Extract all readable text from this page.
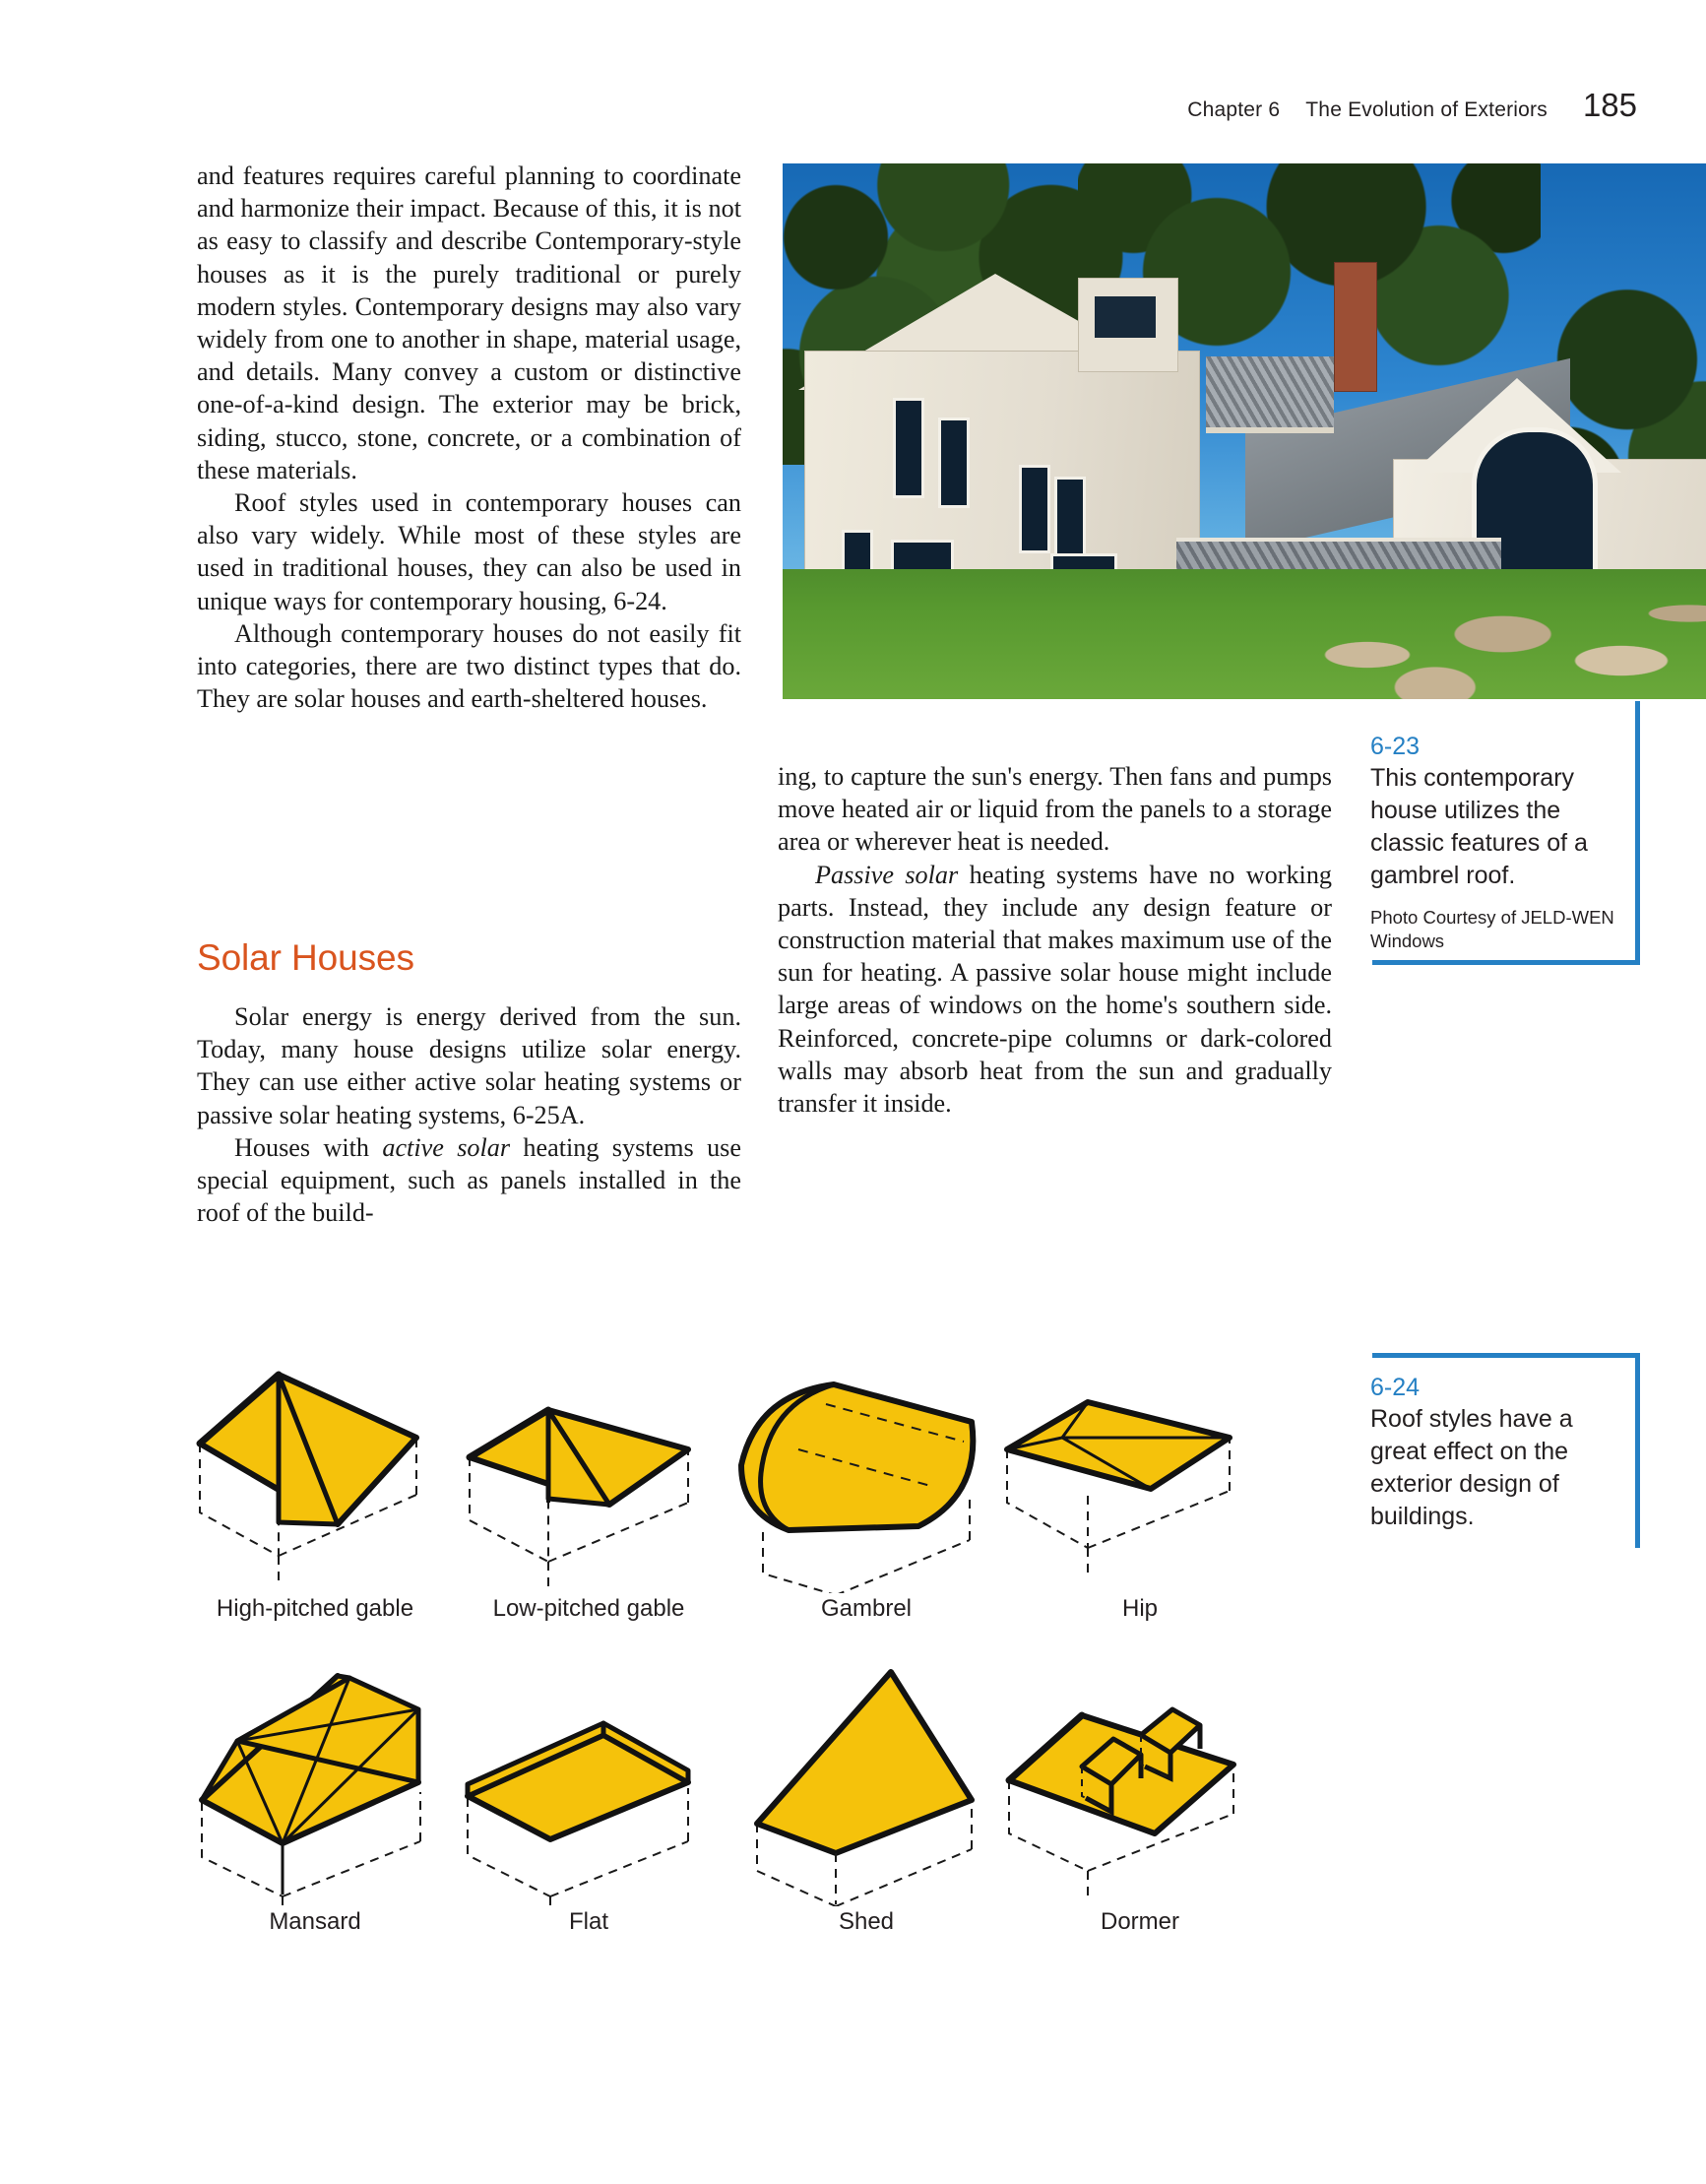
Chapter 6 The Evolution of Exteriors 185

and features requires careful planning to coordinate and harmonize their impact. Because of this, it is not as easy to classify and describe Contemporary-style houses as it is the purely traditional or purely modern styles. Contemporary designs may also vary widely from one to another in shape, material usage, and details. Many convey a custom or distinctive one-of-a-kind design. The exterior may be brick, siding, stucco, stone, concrete, or a combination of these materials.

Roof styles used in contemporary houses can also vary widely. While most of these styles are used in traditional houses, they can also be used in unique ways for contemporary housing, 6-24.

Although contemporary houses do not easily fit into categories, there are two distinct types that do. They are solar houses and earth-sheltered houses.

Solar Houses

Solar energy is energy derived from the sun. Today, many house designs utilize solar energy. They can use either active solar heating systems or passive solar heating systems, 6-25A.

Houses with active solar heating systems use special equipment, such as panels installed in the roof of the build-

ing, to capture the sun's energy. Then fans and pumps move heated air or liquid from the panels to a storage area or wherever heat is needed.

Passive solar heating systems have no working parts. Instead, they include any design feature or construction material that makes maximum use of the sun for heating. A passive solar house might include large areas of windows on the home's southern side. Reinforced, concrete-pipe columns or dark-colored walls may absorb heat from the sun and gradually transfer it inside.

6-23
This contemporary house utilizes the classic features of a gambrel roof.
Photo Courtesy of JELD-WEN Windows
6-24
Roof styles have a great effect on the exterior design of buildings.
High-pitched gable	Low-pitched gable	Gambrel	Hip
Mansard	Flat	Shed	Dormer
